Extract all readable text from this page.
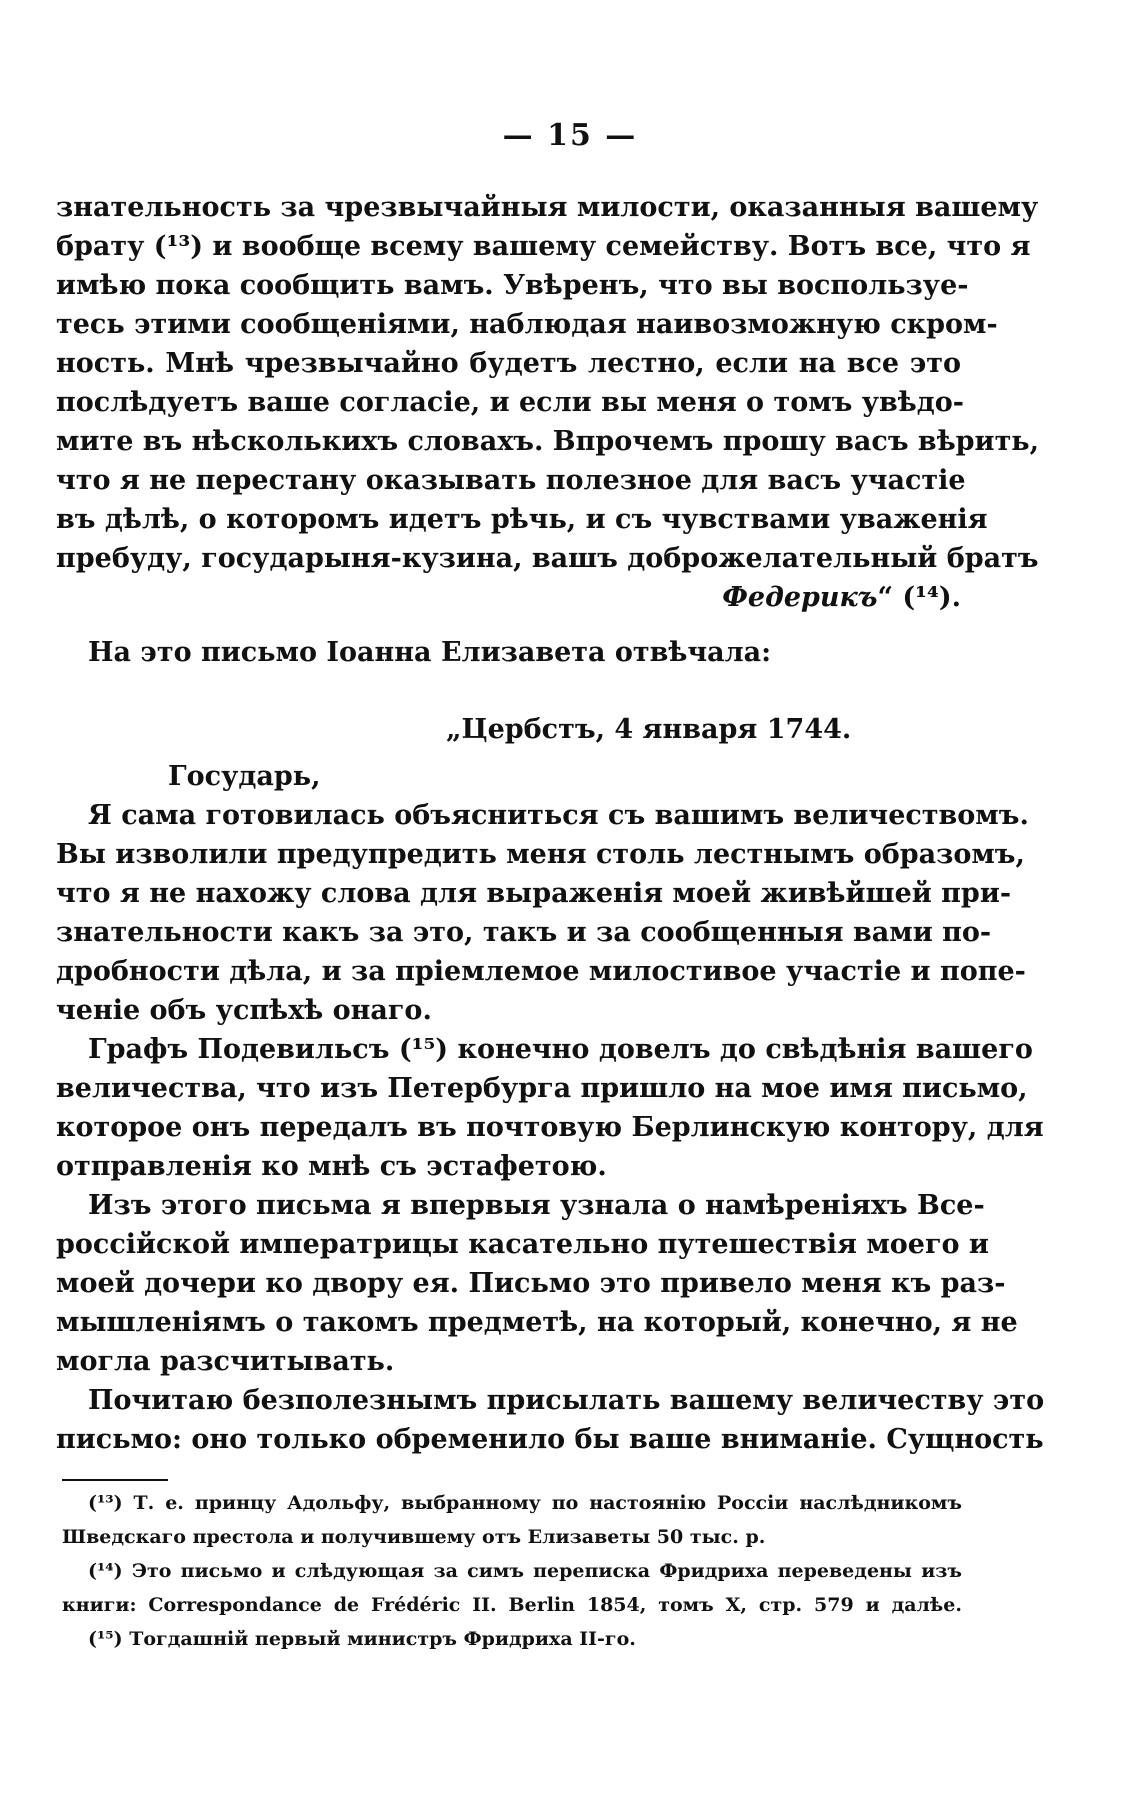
— 15 —
знательность за чрезвычайныя милости, оказанныя вашему
брату (¹³) и вообще всему вашему семейству. Вотъ все, что я
имѣю пока сообщить вамъ. Увѣренъ, что вы воспользуе-
тесь этими сообщеніями, наблюдая наивозможную скром-
ность. Мнѣ чрезвычайно будетъ лестно, если на все это
послѣдуетъ ваше согласіе, и если вы меня о томъ увѣдо-
мите въ нѣсколькихъ словахъ. Впрочемъ прошу васъ вѣрить,
что я не перестану оказывать полезное для васъ участіе
въ дѣлѣ, о которомъ идетъ рѣчь, и съ чувствами уваженія
пребуду, государыня-кузина, вашъ доброжелательный братъ
Федерикъ“ (¹⁴).
На это письмо Іоанна Елизавета отвѣчала:
„Цербстъ, 4 января 1744.
Государь,
Я сама готовилась объясниться съ вашимъ величествомъ.
Вы изволили предупредить меня столь лестнымъ образомъ,
что я не нахожу слова для выраженія моей живѣйшей при-
знательности какъ за это, такъ и за сообщенныя вами по-
дробности дѣла, и за пріемлемое милостивое участіе и попе-
ченіе объ успѣхѣ онаго.
Графъ Подевильсъ (¹⁵) конечно довелъ до свѣдѣнія вашего
величества, что изъ Петербурга пришло на мое имя письмо,
которое онъ передалъ въ почтовую Берлинскую контору, для
отправленія ко мнѣ съ эстафетою.
Изъ этого письма я впервыя узнала о намѣреніяхъ Все-
россійской императрицы касательно путешествія моего и
моей дочери ко двору ея. Письмо это привело меня къ раз-
мышленіямъ о такомъ предметѣ, на который, конечно, я не
могла разсчитывать.
Почитаю безполезнымъ присылать вашему величеству это
письмо: оно только обременило бы ваше вниманіе. Сущность
(¹³) Т. е. принцу Адольфу, выбранному по настоянію Россіи наслѣдникомъ
Шведскаго престола и получившему отъ Елизаветы 50 тыс. р.
(¹⁴) Это письмо и слѣдующая за симъ переписка Фридриха переведены изъ
книги: Correspondance de Frédéric II. Berlin 1854, томъ X, стр. 579 и далѣе.
(¹⁵) Тогдашній первый министръ Фридриха II-го.
